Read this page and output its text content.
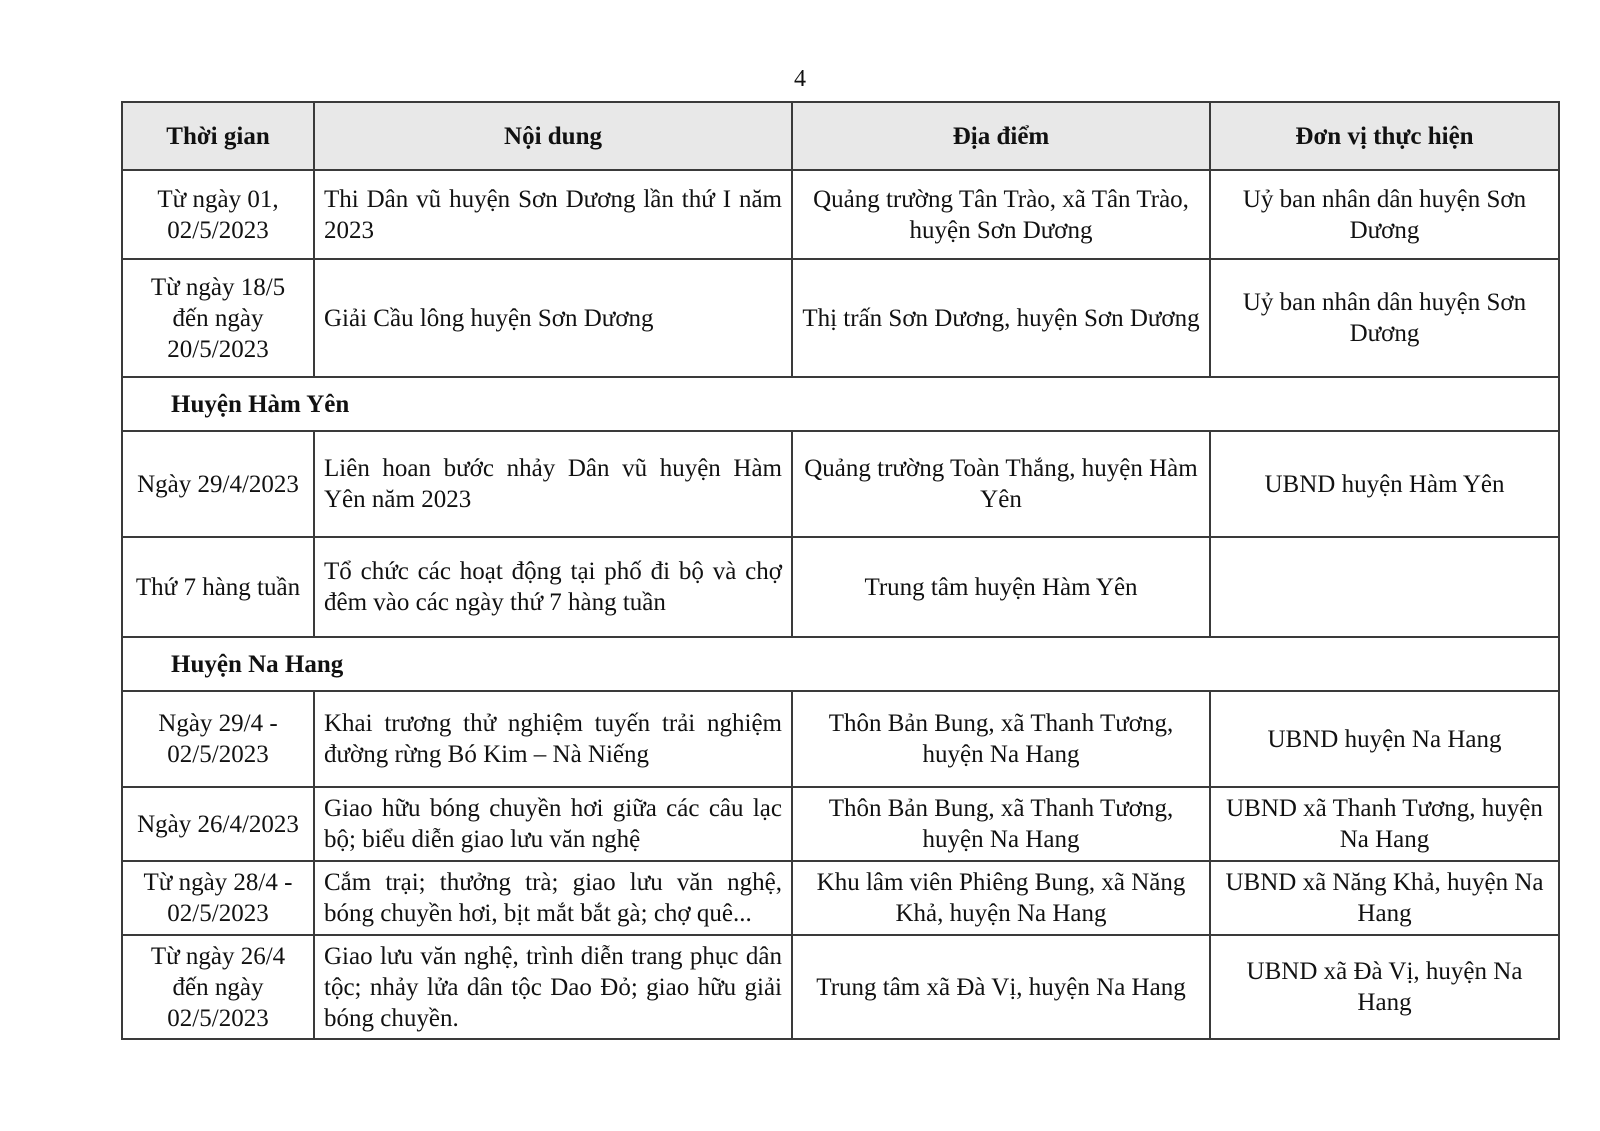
4
Thời gian	Nội dung	Địa điểm	Đơn vị thực hiện
Từ ngày 01, 02/5/2023	Thi Dân vũ huyện Sơn Dương lần thứ I năm 2023	Quảng trường Tân Trào, xã Tân Trào, huyện Sơn Dương	Uỷ ban nhân dân huyện Sơn Dương
Từ ngày 18/5 đến ngày 20/5/2023	Giải Cầu lông huyện Sơn Dương	Thị trấn Sơn Dương, huyện Sơn Dương	Uỷ ban nhân dân huyện Sơn Dương
Huyện Hàm Yên			
Ngày 29/4/2023	Liên hoan bước nhảy Dân vũ huyện Hàm Yên năm 2023	Quảng trường Toàn Thắng, huyện Hàm Yên	UBND huyện Hàm Yên
Thứ 7 hàng tuần	Tổ chức các hoạt động tại phố đi bộ và chợ đêm vào các ngày thứ 7 hàng tuần	Trung tâm huyện Hàm Yên	
Huyện Na Hang			
Ngày 29/4 - 02/5/2023	Khai trương thử nghiệm tuyến trải nghiệm đường rừng Bó Kim – Nà Niếng	Thôn Bản Bung, xã Thanh Tương, huyện Na Hang	UBND huyện Na Hang
Ngày 26/4/2023	Giao hữu bóng chuyền hơi giữa các câu lạc bộ; biểu diễn giao lưu văn nghệ	Thôn Bản Bung, xã Thanh Tương, huyện Na Hang	UBND xã Thanh Tương, huyện Na Hang
Từ ngày 28/4 - 02/5/2023	Cắm trại; thưởng trà; giao lưu văn nghệ, bóng chuyền hơi, bịt mắt bắt gà; chợ quê...	Khu lâm viên Phiêng Bung, xã Năng Khả, huyện Na Hang	UBND xã Năng Khả, huyện Na Hang
Từ ngày 26/4 đến ngày 02/5/2023	Giao lưu văn nghệ, trình diễn trang phục dân tộc; nhảy lửa dân tộc Dao Đỏ; giao hữu giải bóng chuyền.	Trung tâm xã Đà Vị, huyện Na Hang	UBND xã Đà Vị, huyện Na Hang
